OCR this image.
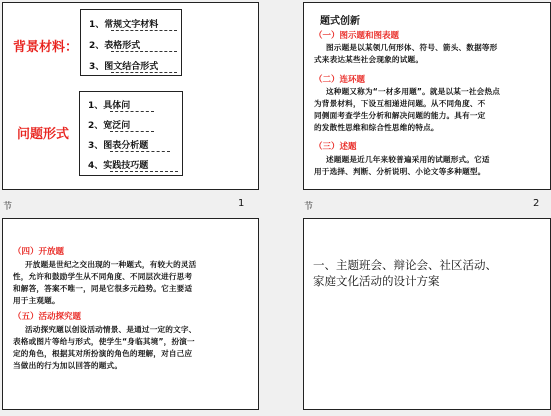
背景材料：
1、常规文字材料
2、表格形式
3、图文结合形式
问题形式
1、具体问
2、宽泛问
3、图表分析题
4、实践技巧题
节	1
题式创新
（一）图示题和图表题
图示题是以某领几何形体、符号、箭头、数据等形
式来表达某些社会现象的试题。
（二）连环题
这种题又称为“一材多用题”。就是以某一社会热点
为背景材料，下设互相递进问题。从不同角度、不
同侧面考查学生分析和解决问题的能力。具有一定
的发散性思维和综合性思维的特点。
（三）述题
述题题是近几年来较普遍采用的试题形式。它适
用于选择、判断、分析说明、小论文等多种题型。
节	2
（四）开放题
开放题是世纪之交出现的一种题式，有较大的灵活
性，允许和鼓励学生从不同角度、不同层次进行思考
和解答，答案不唯一，同是它很多元趋势。它主要适
用于主观题。
（五）活动探究题
活动探究题以创设活动情景、是通过一定的文字、
表格或图片等给与形式，使学生“身临其境”，扮演一
定的角色，根据其对所扮演的角色的理解，对自己应
当做出的行为加以回答的题式。
一、主题班会、辩论会、社区活动、
家庭文化活动的设计方案
